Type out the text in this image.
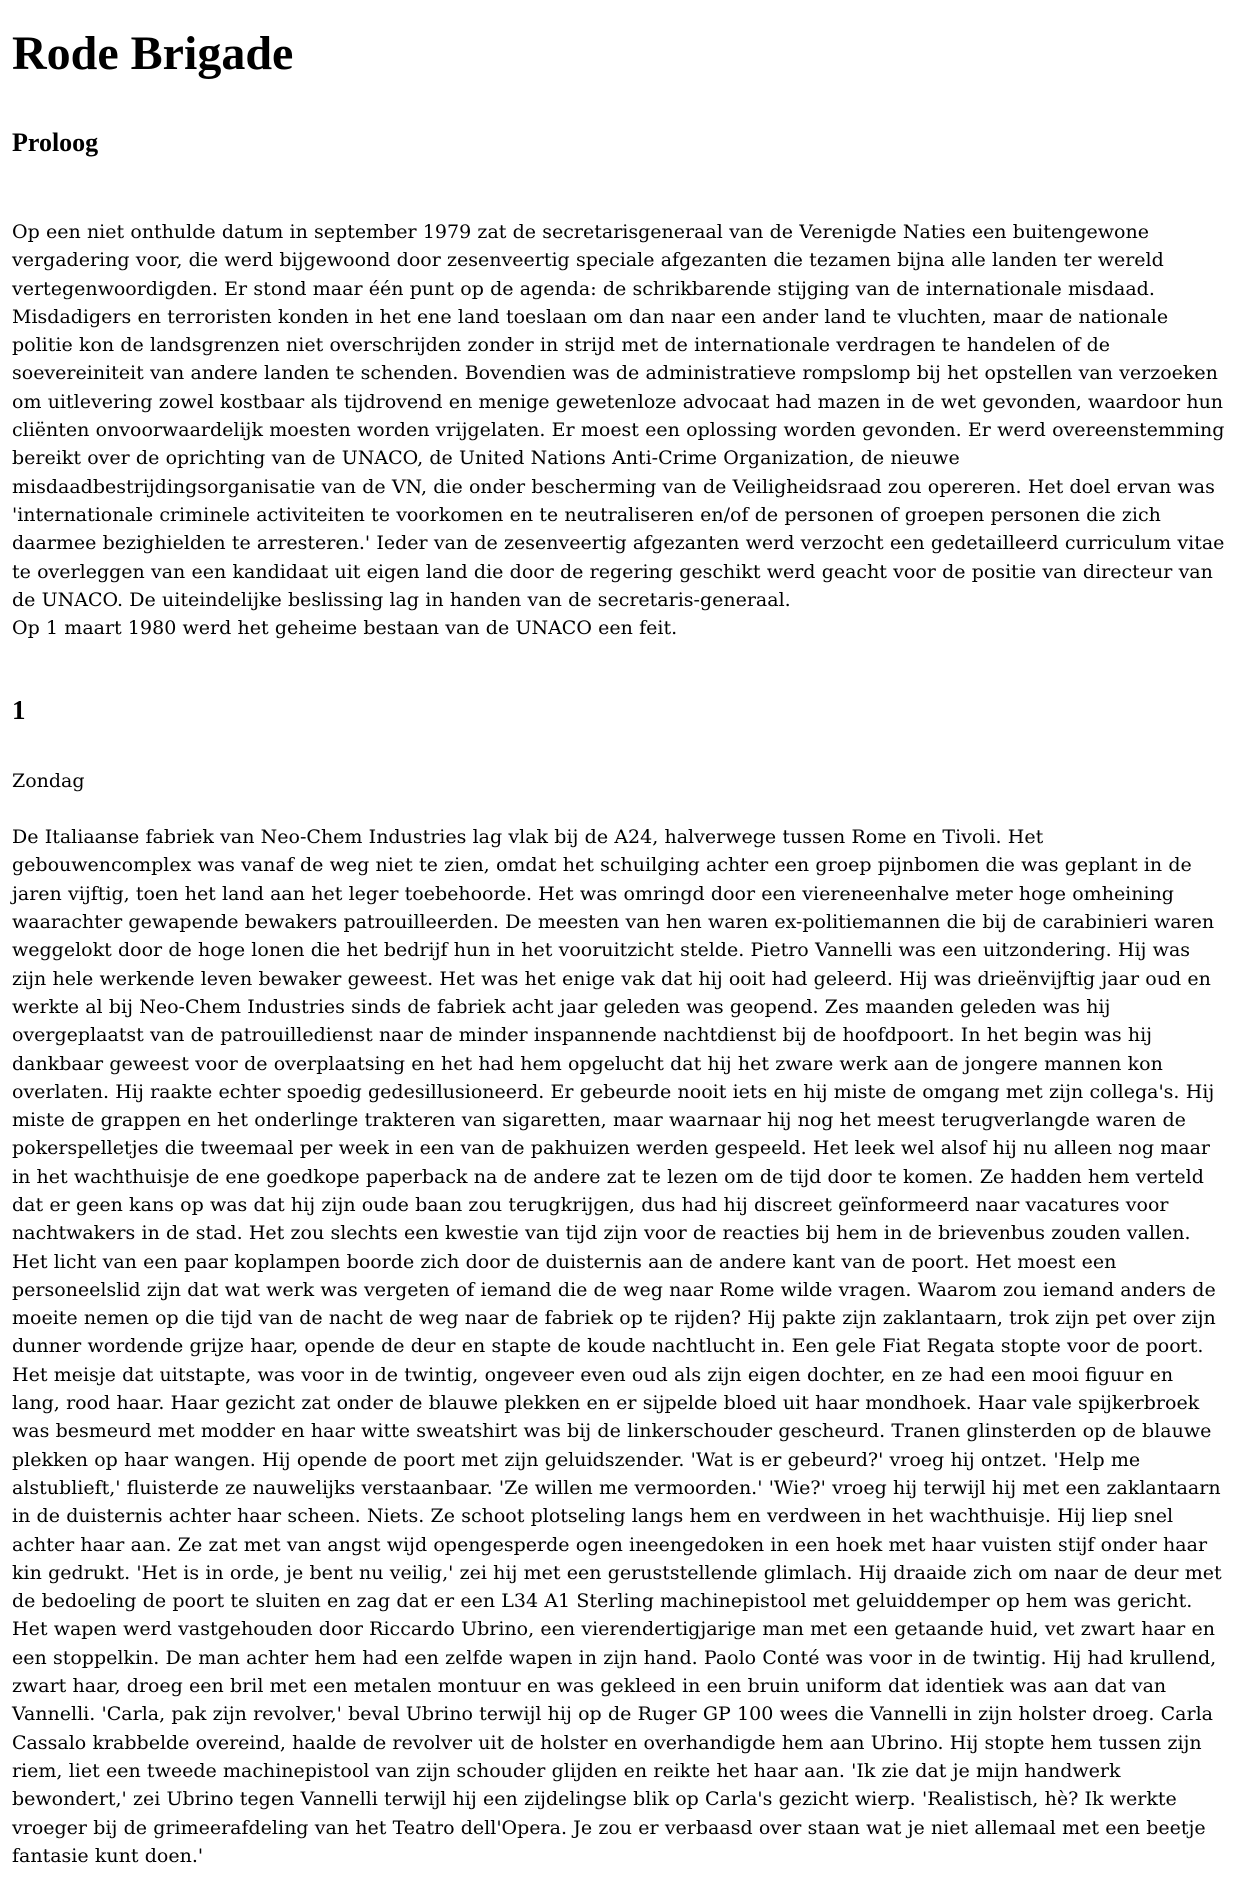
Rode Brigade
Proloog

Op een niet onthulde datum in september 1979 zat de secretarisgeneraal van de Verenigde Naties een buitengewone vergadering voor, die werd bijgewoond door zesenveertig speciale afgezanten die tezamen bijna alle landen ter wereld vertegenwoordigden. Er stond maar één punt op de agenda: de schrikbarende stijging van de internationale misdaad. Misdadigers en terroristen konden in het ene land toeslaan om dan naar een ander land te vluchten, maar de nationale politie kon de landsgrenzen niet overschrijden zonder in strijd met de internationale verdragen te handelen of de soevereiniteit van andere landen te schenden. Bovendien was de administratieve rompslomp bij het opstellen van verzoeken om uitlevering zowel kostbaar als tijdrovend en menige gewetenloze advocaat had mazen in de wet gevonden, waardoor hun cliënten onvoorwaardelijk moesten worden vrijgelaten. Er moest een oplossing worden gevonden. Er werd overeenstemming bereikt over de oprichting van de UNACO, de United Nations Anti-Crime Organization, de nieuwe misdaadbestrijdingsorganisatie van de VN, die onder bescherming van de Veiligheidsraad zou opereren. Het doel ervan was 'internationale criminele activiteiten te voorkomen en te neutraliseren en/of de personen of groepen personen die zich daarmee bezighielden te arresteren.' Ieder van de zesenveertig afgezanten werd verzocht een gedetailleerd curriculum vitae te overleggen van een kandidaat uit eigen land die door de regering geschikt werd geacht voor de positie van directeur van de UNACO. De uiteindelijke beslissing lag in handen van de secretaris-generaal.

Op 1 maart 1980 werd het geheime bestaan van de UNACO een feit.

1

Zondag

De Italiaanse fabriek van Neo-Chem Industries lag vlak bij de A24, halverwege tussen Rome en Tivoli. Het gebouwencomplex was vanaf de weg niet te zien, omdat het schuilging achter een groep pijnbomen die was geplant in de jaren vijftig, toen het land aan het leger toebehoorde. Het was omringd door een viereneenhalve meter hoge omheining waarachter gewapende bewakers patrouilleerden. De meesten van hen waren ex-politiemannen die bij de carabinieri waren weggelokt door de hoge lonen die het bedrijf hun in het vooruitzicht stelde. Pietro Vannelli was een uitzondering. Hij was zijn hele werkende leven bewaker geweest. Het was het enige vak dat hij ooit had geleerd. Hij was drieënvijftig jaar oud en werkte al bij Neo-Chem Industries sinds de fabriek acht jaar geleden was geopend. Zes maanden geleden was hij overgeplaatst van de patrouilledienst naar de minder inspannende nachtdienst bij de hoofdpoort. In het begin was hij dankbaar geweest voor de overplaatsing en het had hem opgelucht dat hij het zware werk aan de jongere mannen kon overlaten. Hij raakte echter spoedig gedesillusioneerd. Er gebeurde nooit iets en hij miste de omgang met zijn collega's. Hij miste de grappen en het onderlinge trakteren van sigaretten, maar waarnaar hij nog het meest terugverlangde waren de pokerspelletjes die tweemaal per week in een van de pakhuizen werden gespeeld. Het leek wel alsof hij nu alleen nog maar in het wachthuisje de ene goedkope paperback na de andere zat te lezen om de tijd door te komen. Ze hadden hem verteld dat er geen kans op was dat hij zijn oude baan zou terugkrijgen, dus had hij discreet geïnformeerd naar vacatures voor nachtwakers in de stad. Het zou slechts een kwestie van tijd zijn voor de reacties bij hem in de brievenbus zouden vallen. Het licht van een paar koplampen boorde zich door de duisternis aan de andere kant van de poort. Het moest een personeelslid zijn dat wat werk was vergeten of iemand die de weg naar Rome wilde vragen. Waarom zou iemand anders de moeite nemen op die tijd van de nacht de weg naar de fabriek op te rijden? Hij pakte zijn zaklantaarn, trok zijn pet over zijn dunner wordende grijze haar, opende de deur en stapte de koude nachtlucht in. Een gele Fiat Regata stopte voor de poort. Het meisje dat uitstapte, was voor in de twintig, ongeveer even oud als zijn eigen dochter, en ze had een mooi figuur en lang, rood haar. Haar gezicht zat onder de blauwe plekken en er sijpelde bloed uit haar mondhoek. Haar vale spijkerbroek was besmeurd met modder en haar witte sweatshirt was bij de linkerschouder gescheurd. Tranen glinsterden op de blauwe plekken op haar wangen. Hij opende de poort met zijn geluidszender. 'Wat is er gebeurd?' vroeg hij ontzet. 'Help me alstublieft,' fluisterde ze nauwelijks verstaanbaar. 'Ze willen me vermoorden.' 'Wie?' vroeg hij terwijl hij met een zaklantaarn in de duisternis achter haar scheen. Niets. Ze schoot plotseling langs hem en verdween in het wachthuisje. Hij liep snel achter haar aan. Ze zat met van angst wijd opengesperde ogen ineengedoken in een hoek met haar vuisten stijf onder haar kin gedrukt. 'Het is in orde, je bent nu veilig,' zei hij met een geruststellende glimlach. Hij draaide zich om naar de deur met de bedoeling de poort te sluiten en zag dat er een L34 A1 Sterling machinepistool met geluiddemper op hem was gericht. Het wapen werd vastgehouden door Riccardo Ubrino, een vierendertigjarige man met een getaande huid, vet zwart haar en een stoppelkin. De man achter hem had een zelfde wapen in zijn hand. Paolo Conté was voor in de twintig. Hij had krullend, zwart haar, droeg een bril met een metalen montuur en was gekleed in een bruin uniform dat identiek was aan dat van Vannelli. 'Carla, pak zijn revolver,' beval Ubrino terwijl hij op de Ruger GP 100 wees die Vannelli in zijn holster droeg. Carla Cassalo krabbelde overeind, haalde de revolver uit de holster en overhandigde hem aan Ubrino. Hij stopte hem tussen zijn riem, liet een tweede machinepistool van zijn schouder glijden en reikte het haar aan. 'Ik zie dat je mijn handwerk bewondert,' zei Ubrino tegen Vannelli terwijl hij een zijdelingse blik op Carla's gezicht wierp. 'Realistisch, hè? Ik werkte vroeger bij de grimeerafdeling van het Teatro dell'Opera. Je zou er verbaasd over staan wat je niet allemaal met een beetje fantasie kunt doen.'
